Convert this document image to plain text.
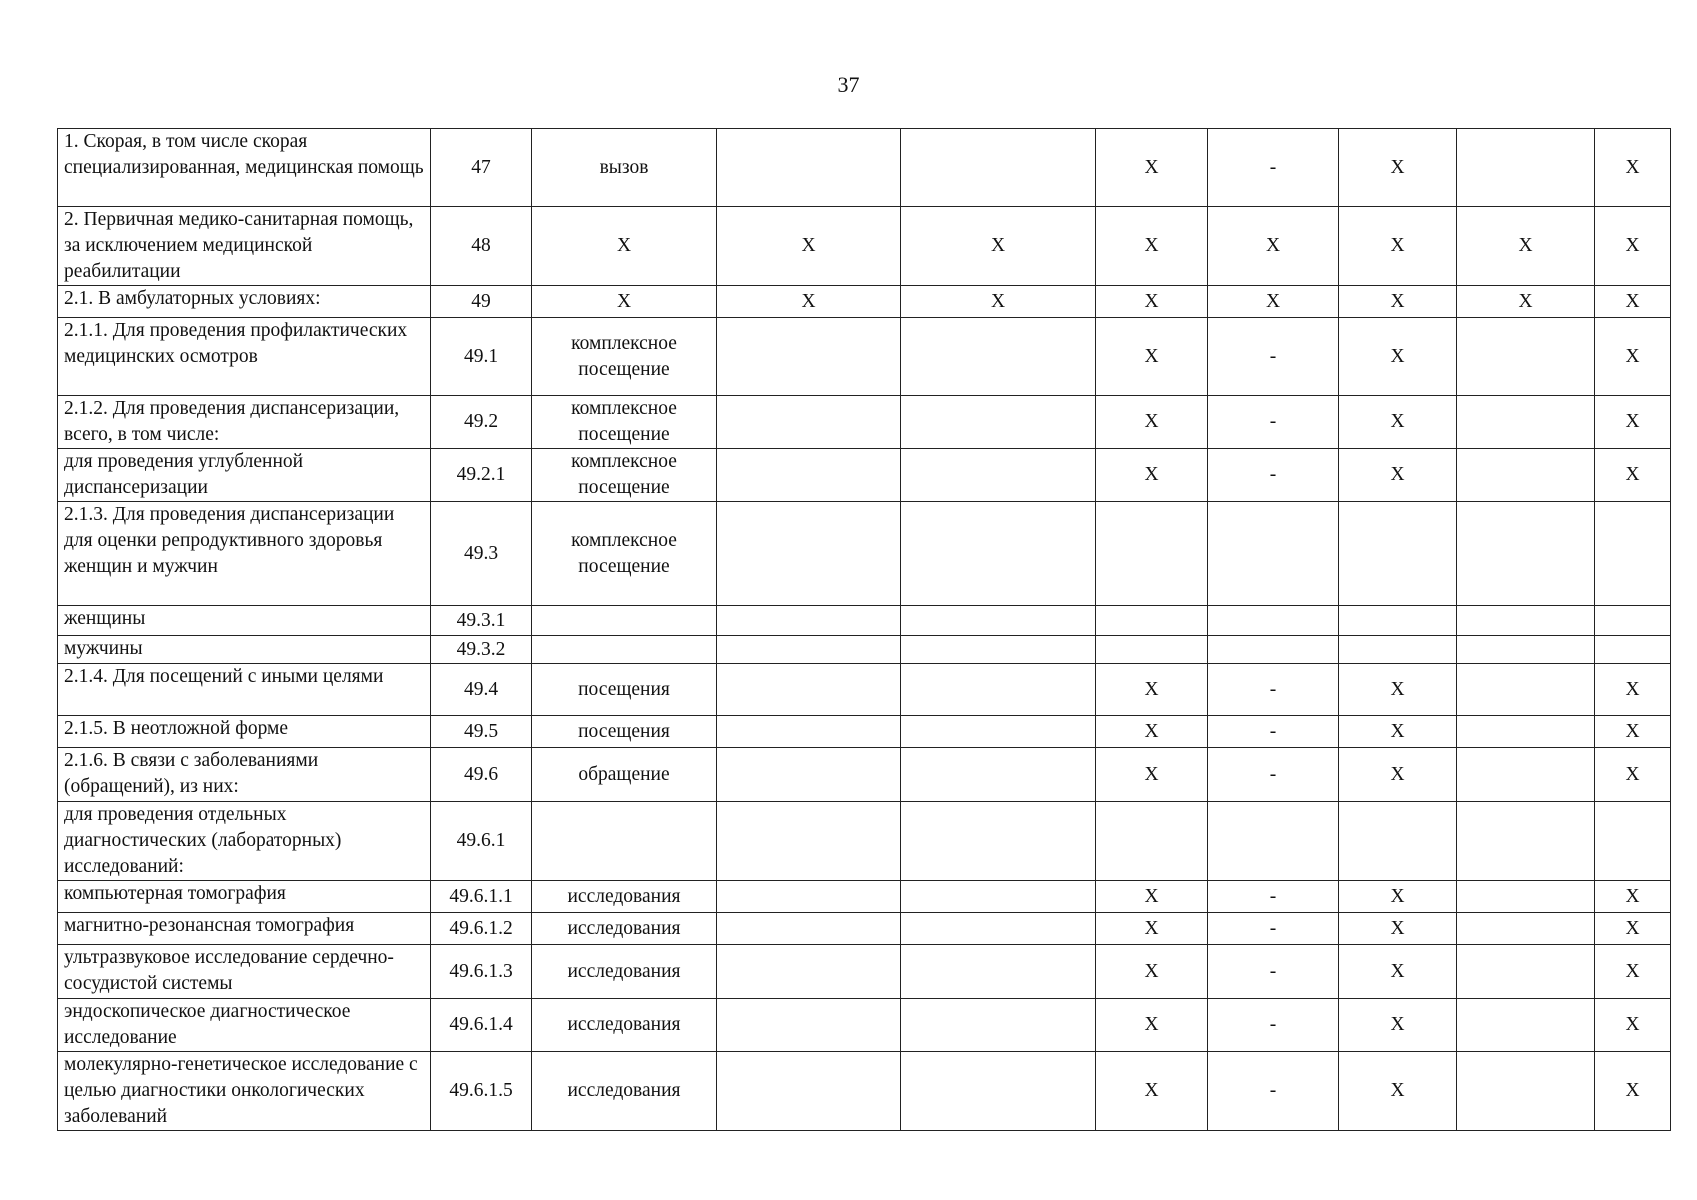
37
1. Скорая, в том числе скорая специализированная, медицинская помощь	47	вызов			X	-	X		X
2. Первичная медико-санитарная помощь, за исключением медицинской реабилитации	48	X	X	X	X	X	X	X	X
2.1. В амбулаторных условиях:	49	X	X	X	X	X	X	X	X
2.1.1. Для проведения профилактических медицинских осмотров	49.1	комплексное посещение			X	-	X		X
2.1.2. Для проведения диспансеризации, всего, в том числе:	49.2	комплексное посещение			X	-	X		X
для проведения углубленной диспансеризации	49.2.1	комплексное посещение			X	-	X		X
2.1.3. Для проведения диспансеризации для оценки репродуктивного здоровья женщин и мужчин	49.3	комплексное посещение							
женщины	49.3.1								
мужчины	49.3.2								
2.1.4. Для посещений с иными целями	49.4	посещения			X	-	X		X
2.1.5. В неотложной форме	49.5	посещения			X	-	X		X
2.1.6. В связи с заболеваниями (обращений), из них:	49.6	обращение			X	-	X		X
для проведения отдельных диагностических (лабораторных) исследований:	49.6.1								
компьютерная томография	49.6.1.1	исследования			X	-	X		X
магнитно-резонансная томография	49.6.1.2	исследования			X	-	X		X
ультразвуковое исследование сердечно-сосудистой системы	49.6.1.3	исследования			X	-	X		X
эндоскопическое диагностическое исследование	49.6.1.4	исследования			X	-	X		X
молекулярно-генетическое исследование с целью диагностики онкологических заболеваний	49.6.1.5	исследования			X	-	X		X
